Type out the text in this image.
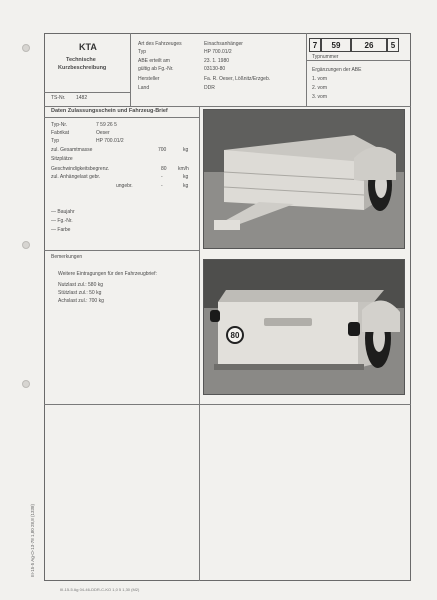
KTA
Technische
Kurzbeschreibung
TS-Nr. 1482
Art des Fahrzeuges	Einachsanhänger
Typ	HP 700.01/2
ABE erteilt am	23. 1. 1980
gültig ab Fg.-Nr.	03130-80
Hersteller	Fa. R. Oeser, Lößnitz/Erzgeb.
Land	DDR
7	59	26	5
Typnummer
Ergänzungen der ABE
1. vom
2. vom
3. vom
Daten Zulassungsschein und Fahrzeug-Brief
Typ-Nr.	7 59 26 5
Fabrikat	Oeser
Typ	HP 700.01/2
zul. Gesamtmasse	700	kg
Sitzplätze
Geschwindigkeitsbegrenz.	80 km/h
zul. Anhängelast gebr.	-	kg
ungebr.	-	kg
— Baujahr
— Fg.-Nr.
— Farbe
Bemerkungen
Weitere Eintragungen für den Fahrzeugbrief:
Nutzlast zul.: 580 kg
Stützlast zul.: 50 kg
Achslast zul.: 700 kg
80
III-15-5 Ag-O-13-78 1,80 28,8 (1338)
III-15-5 Ag 04-46-DDR-C-KO 1,0 5 1,30 (M2)
